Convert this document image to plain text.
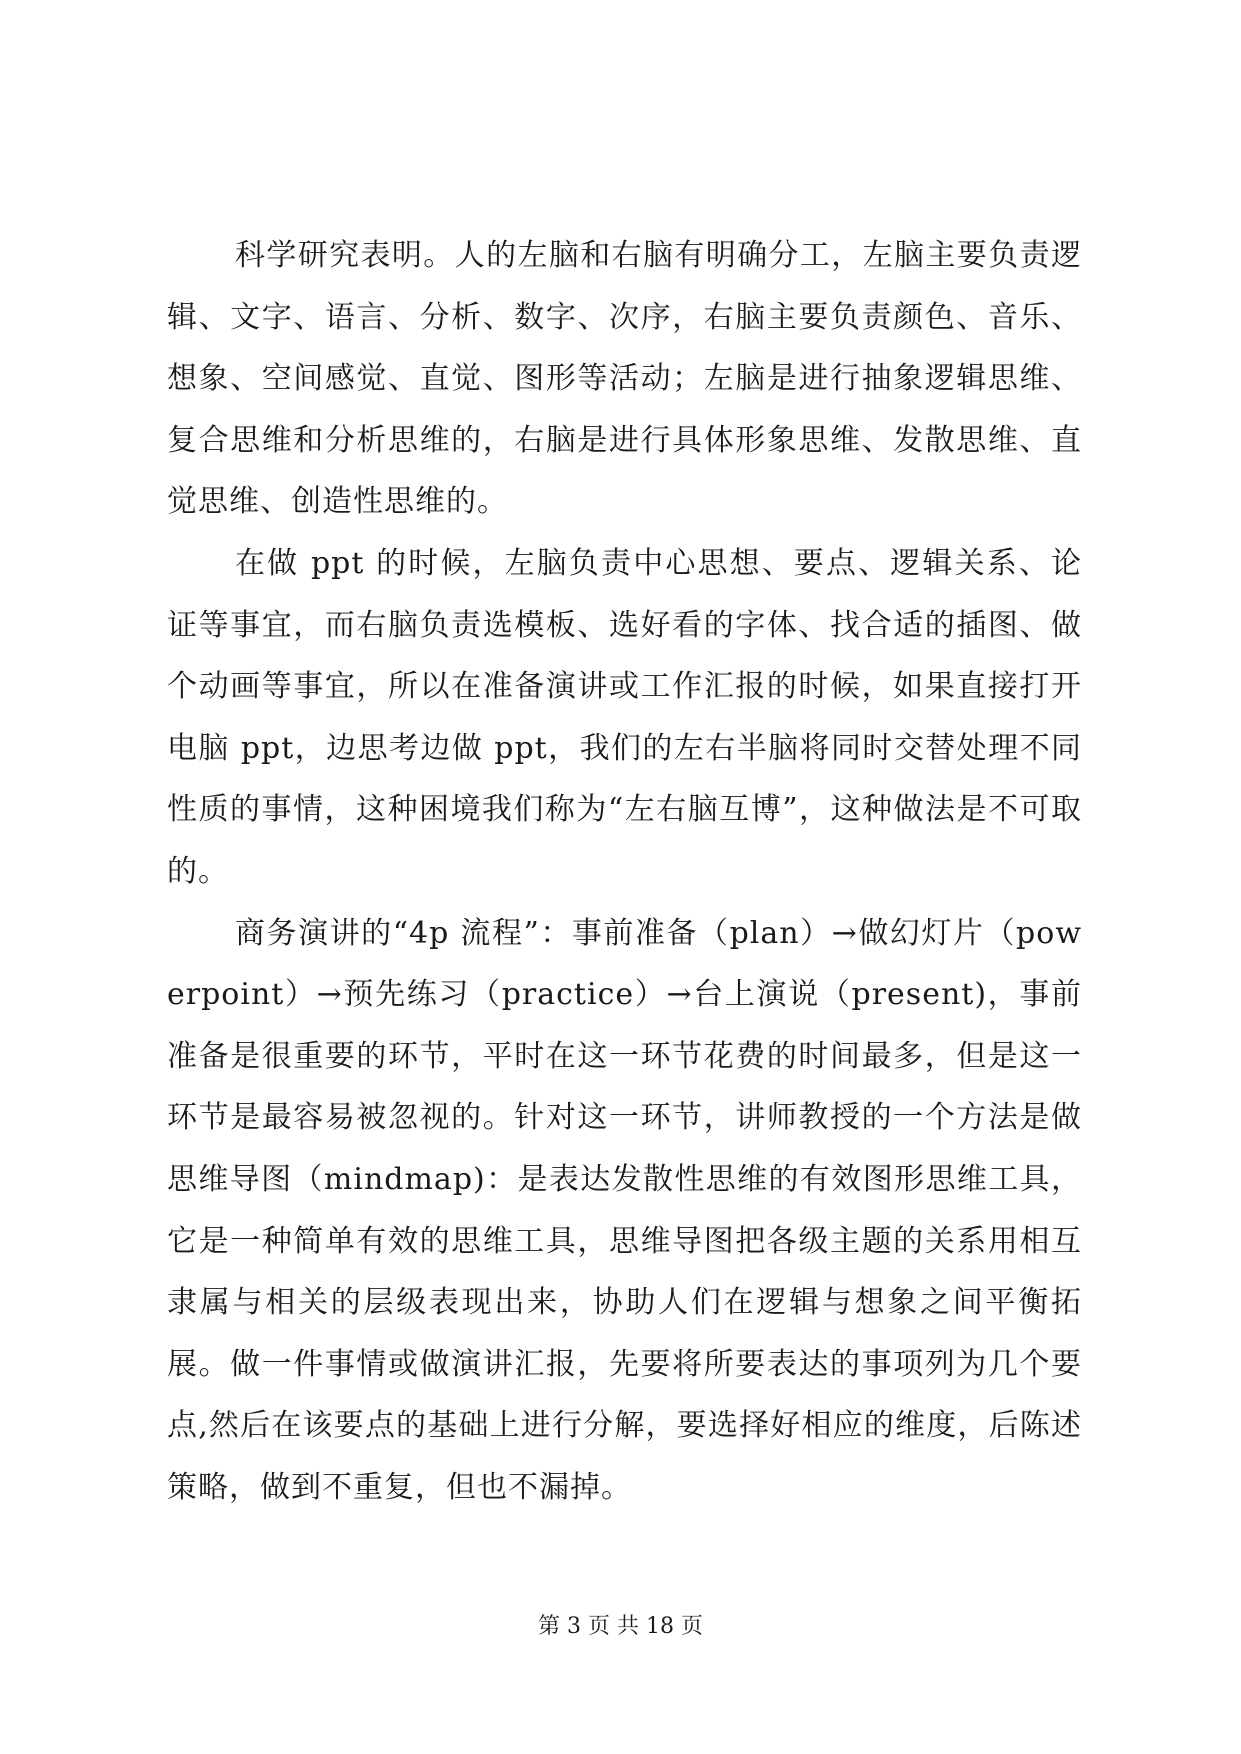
科学研究表明。人的左脑和右脑有明确分工，左脑主要负责逻辑、文字、语言、分析、数字、次序，右脑主要负责颜色、音乐、想象、空间感觉、直觉、图形等活动；左脑是进行抽象逻辑思维、复合思维和分析思维的，右脑是进行具体形象思维、发散思维、直觉思维、创造性思维的。

在做 ppt 的时候，左脑负责中心思想、要点、逻辑关系、论证等事宜，而右脑负责选模板、选好看的字体、找合适的插图、做个动画等事宜，所以在准备演讲或工作汇报的时候，如果直接打开电脑 ppt，边思考边做 ppt，我们的左右半脑将同时交替处理不同性质的事情，这种困境我们称为“左右脑互博”，这种做法是不可取的。

商务演讲的“4p 流程”：事前准备（plan）→做幻灯片（powerpoint）→预先练习（practice）→台上演说（present)，事前准备是很重要的环节，平时在这一环节花费的时间最多，但是这一环节是最容易被忽视的。针对这一环节，讲师教授的一个方法是做思维导图（mindmap)：是表达发散性思维的有效图形思维工具，它是一种简单有效的思维工具，思维导图把各级主题的关系用相互隶属与相关的层级表现出来，协助人们在逻辑与想象之间平衡拓展。做一件事情或做演讲汇报，先要将所要表达的事项列为几个要点,然后在该要点的基础上进行分解，要选择好相应的维度，后陈述策略，做到不重复，但也不漏掉。

第 3 页 共 18 页
